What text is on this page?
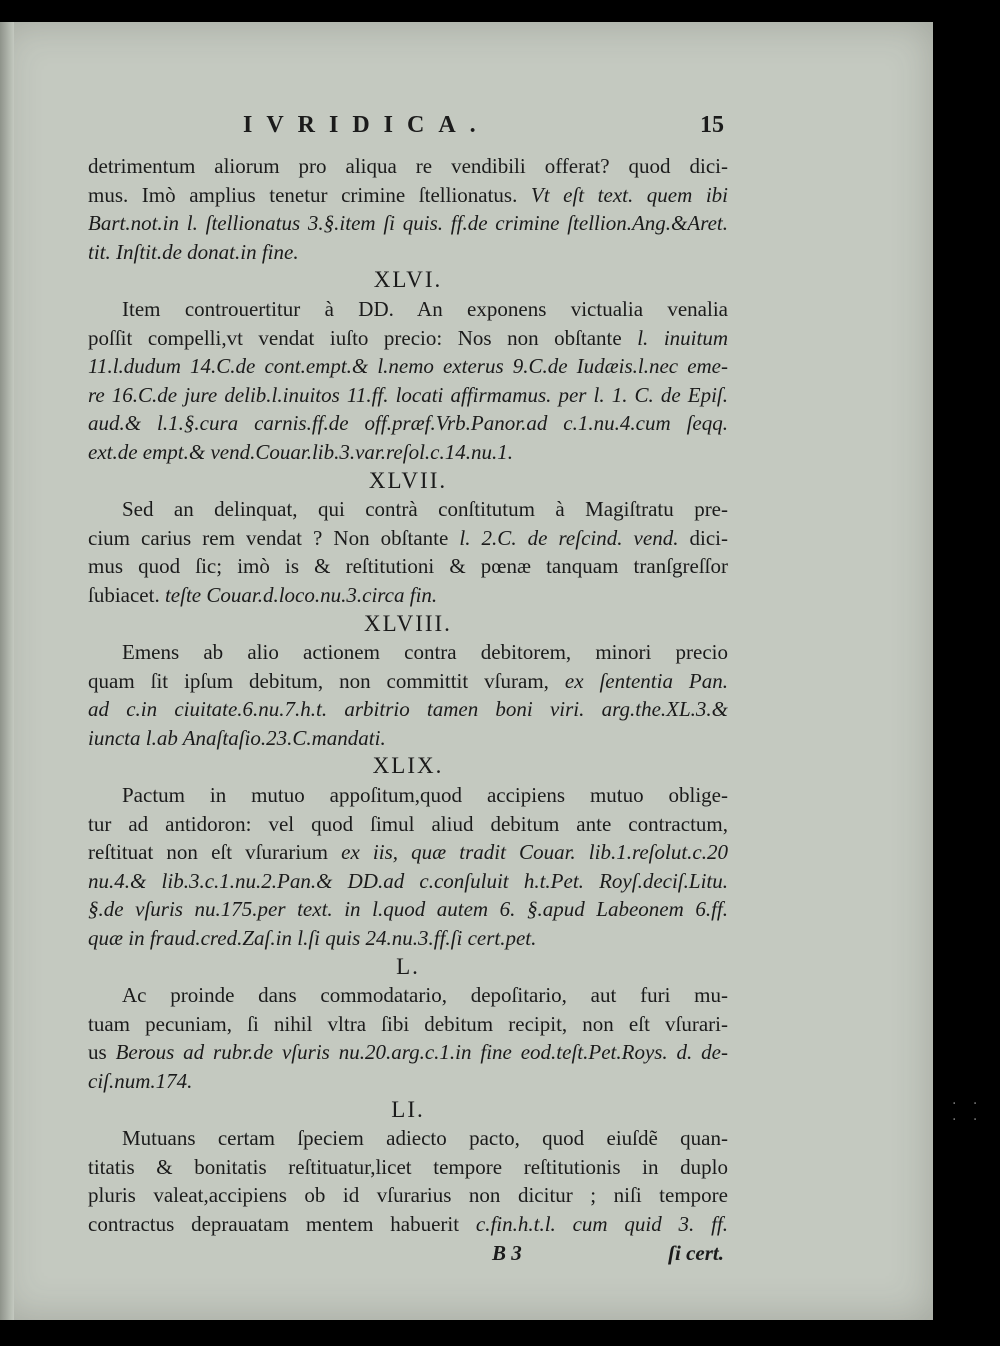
IVRIDICA.	15
detrimentum aliorum pro aliqua re vendibili offerat? quod dici-
mus. Imò amplius tenetur crimine ſtellionatus. Vt eſt text. quem ibi
Bart.not.in l. ſtellionatus 3.§.item ſi quis. ff.de crimine ſtellion.Ang.&Aret.
tit. Inſtit.de donat.in fine.
XLVI.
Item controuertitur à DD. An exponens victualia venalia
poſſit compelli,vt vendat iuſto precio: Nos non obſtante l. inuitum
11.l.dudum 14.C.de cont.empt.& l.nemo exterus 9.C.de Iudæis.l.nec eme-
re 16.C.de jure delib.l.inuitos 11.ff. locati affirmamus. per l. 1. C. de Epiſ.
aud.& l.1.§.cura carnis.ff.de off.præf.Vrb.Panor.ad c.1.nu.4.cum ſeqq.
ext.de empt.& vend.Couar.lib.3.var.reſol.c.14.nu.1.
XLVII.
Sed an delinquat, qui contrà conſtitutum à Magiſtratu pre-
cium carius rem vendat ? Non obſtante l. 2.C. de reſcind. vend. dici-
mus quod ſic; imò is & reſtitutioni & pœnæ tanquam tranſgreſſor
ſubiacet. teſte Couar.d.loco.nu.3.circa fin.
XLVIII.
Emens ab alio actionem contra debitorem, minori precio
quam ſit ipſum debitum, non committit vſuram, ex ſententia Pan.
ad c.in ciuitate.6.nu.7.h.t. arbitrio tamen boni viri. arg.the.XL.3.&
iuncta l.ab Anaſtaſio.23.C.mandati.
XLIX.
Pactum in mutuo appoſitum,quod accipiens mutuo oblige-
tur ad antidoron: vel quod ſimul aliud debitum ante contractum,
reſtituat non eſt vſurarium ex iis, quæ tradit Couar. lib.1.reſolut.c.20
nu.4.& lib.3.c.1.nu.2.Pan.& DD.ad c.conſuluit h.t.Pet. Royſ.deciſ.Litu.
§.de vſuris nu.175.per text. in l.quod autem 6. §.apud Labeonem 6.ff.
quæ in fraud.cred.Zaſ.in l.ſi quis 24.nu.3.ff.ſi cert.pet.
L.
Ac proinde dans commodatario, depoſitario, aut furi mu-
tuam pecuniam, ſi nihil vltra ſibi debitum recipit, non eſt vſurari-
us Berous ad rubr.de vſuris nu.20.arg.c.1.in fine eod.teſt.Pet.Roys. d. de-
ciſ.num.174.
LI.
Mutuans certam ſpeciem adiecto pacto, quod eiuſdẽ quan-
titatis & bonitatis reſtituatur,licet tempore reſtitutionis in duplo
pluris valeat,accipiens ob id vſurarius non dicitur ; niſi tempore
contractus deprauatam mentem habuerit c.fin.h.t.l. cum quid 3. ff.
B 3	ſi cert.
· · · ·
